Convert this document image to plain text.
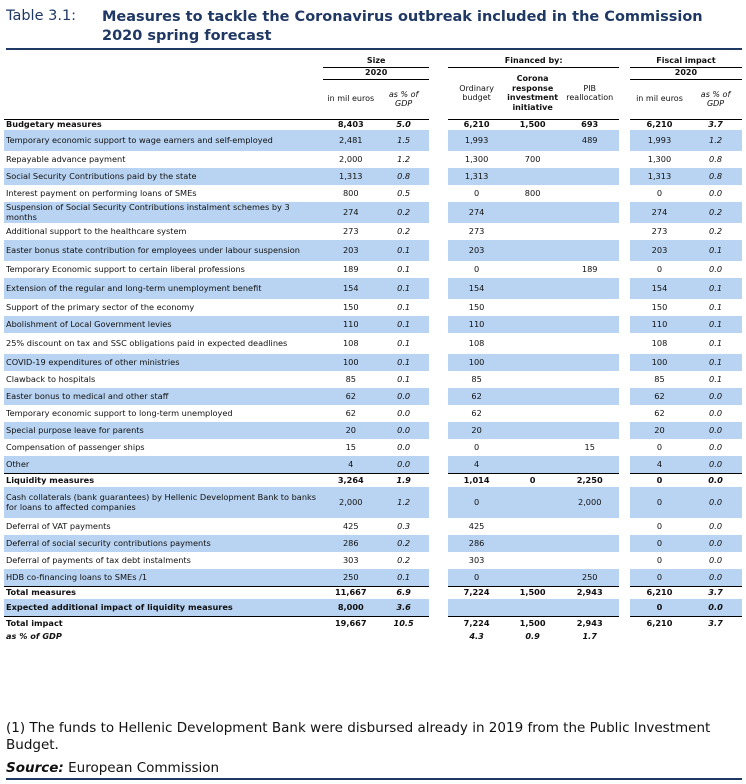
Table 3.1: Measures to tackle the Coronavirus outbreak included in the Commission 2020 spring forecast
	Size			Financed by:				Fiscal impact	
	2020			Ordinary budget	Corona response investment initiative	PIB reallocation		2020	
	in mil euros	as % of GDP						in mil euros	as % of GDP
Budgetary measures	8,403	5.0		6,210	1,500	693		6,210	3.7
Temporary economic support to wage earners and self-employed	2,481	1.5		1,993		489		1,993	1.2
Repayable advance payment	2,000	1.2		1,300	700			1,300	0.8
Social Security Contributions paid by the state	1,313	0.8		1,313				1,313	0.8
Interest payment on performing loans of SMEs	800	0.5		0	800			0	0.0
Suspension of Social Security Contributions instalment schemes by 3 months	274	0.2		274				274	0.2
Additional support to the healthcare system	273	0.2		273				273	0.2
Easter bonus state contribution for employees under labour suspension	203	0.1		203				203	0.1
Temporary Economic support to certain liberal professions	189	0.1		0		189		0	0.0
Extension of the regular and long-term unemployment benefit	154	0.1		154				154	0.1
Support of the primary sector of the economy	150	0.1		150				150	0.1
Abolishment of Local Government levies	110	0.1		110				110	0.1
25% discount on tax and SSC obligations paid in expected deadlines	108	0.1		108				108	0.1
COVID-19 expenditures of other ministries	100	0.1		100				100	0.1
Clawback to hospitals	85	0.1		85				85	0.1
Easter bonus to medical and other staff	62	0.0		62				62	0.0
Temporary economic support to long-term unemployed	62	0.0		62				62	0.0
Special purpose leave for parents	20	0.0		20				20	0.0
Compensation of passenger ships	15	0.0		0		15		0	0.0
Other	4	0.0		4				4	0.0
Liquidity measures	3,264	1.9		1,014	0	2,250		0	0.0
Cash collaterals (bank guarantees) by Hellenic Development Bank to banks for loans to affected companies	2,000	1.2		0		2,000		0	0.0
Deferral of VAT payments	425	0.3		425				0	0.0
Deferral of social security contributions payments	286	0.2		286				0	0.0
Deferral of payments of tax debt instalments	303	0.2		303				0	0.0
HDB co-financing loans to SMEs /1	250	0.1		0		250		0	0.0
Total measures	11,667	6.9		7,224	1,500	2,943		6,210	3.7
Expected additional impact of liquidity measures	8,000	3.6						0	0.0
Total impact	19,667	10.5		7,224	1,500	2,943		6,210	3.7
as % of GDP				4.3	0.9	1.7			
(1) The funds to Hellenic Development Bank were disbursed already in 2019 from the Public Investment Budget.
Source: European Commission
